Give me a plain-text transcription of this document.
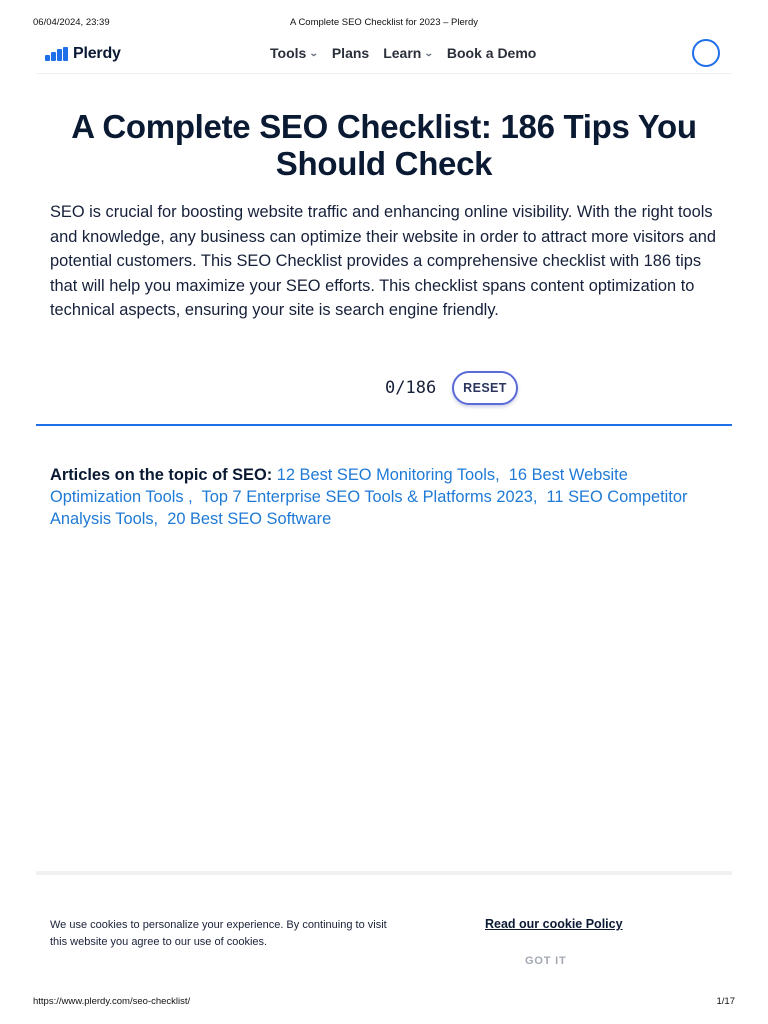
06/04/2024, 23:39	A Complete SEO Checklist for 2023 – Plerdy
Plerdy	Tools ⌄ Plans Learn ⌄ Book a Demo
A Complete SEO Checklist: 186 Tips You Should Check

SEO is crucial for boosting website traffic and enhancing online visibility. With the right tools and knowledge, any business can optimize their website in order to attract more visitors and potential customers. This SEO Checklist provides a comprehensive checklist with 186 tips that will help you maximize your SEO efforts. This checklist spans content optimization to technical aspects, ensuring your site is search engine friendly.

0/186	RESET
Articles on the topic of SEO: 12 Best SEO Monitoring Tools, 16 Best Website Optimization Tools , Top 7 Enterprise SEO Tools & Platforms 2023, 11 SEO Competitor Analysis Tools, 20 Best SEO Software

We use cookies to personalize your experience. By continuing to visit this website you agree to our use of cookies.

Read our cookie Policy
GOT IT
https://www.plerdy.com/seo-checklist/	1/17
